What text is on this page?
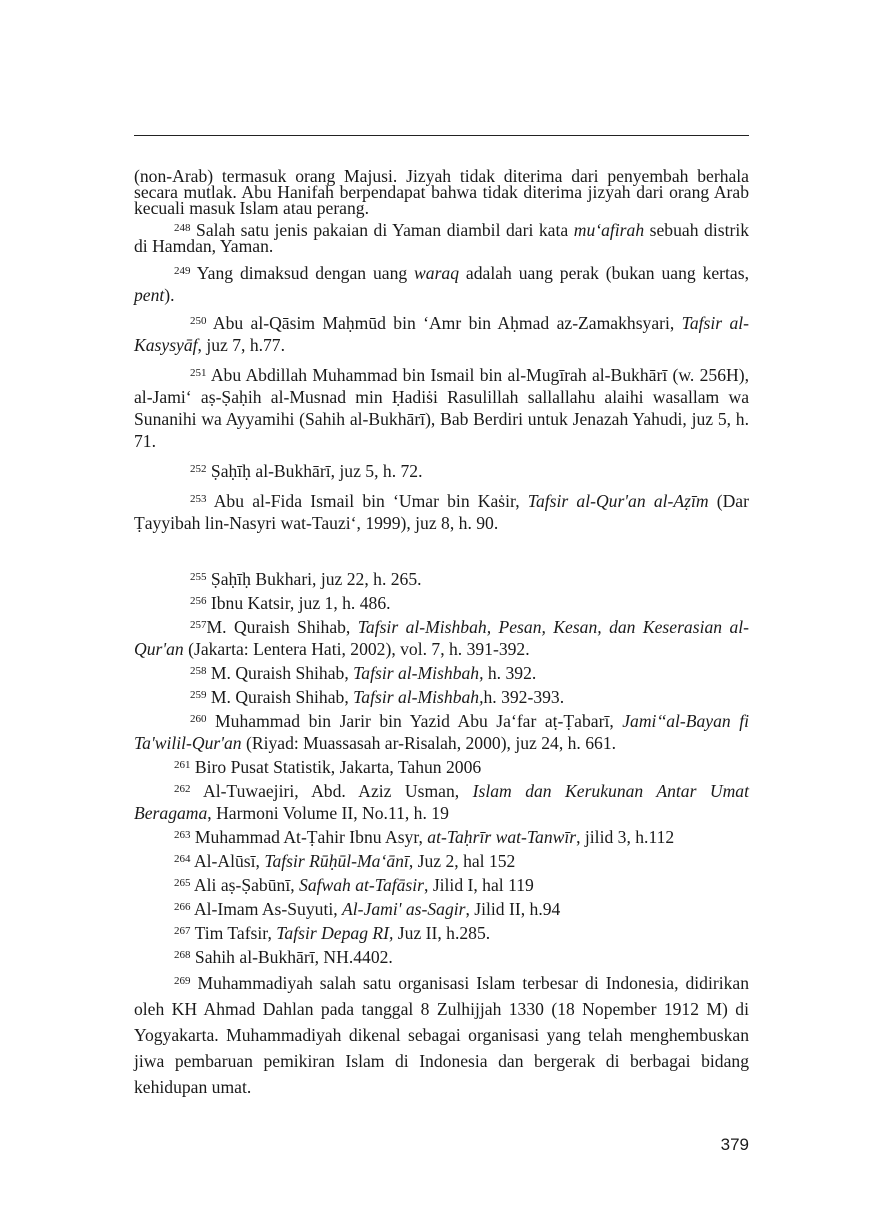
(non-Arab) termasuk orang Majusi. Jizyah tidak diterima dari penyembah berhala secara mutlak. Abu Hanifah berpendapat bahwa tidak diterima jizyah dari orang Arab kecuali masuk Islam atau perang.

$^{248}$ Salah satu jenis pakaian di Yaman diambil dari kata mu‘afirah sebuah distrik di Hamdan, Yaman.

$^{249}$ Yang dimaksud dengan uang waraq adalah uang perak (bukan uang kertas, pent).

$^{250}$ Abu al-Qāsim Maḥmūd bin ‘Amr bin Aḥmad az-Zamakhsyari, Tafsir al-Kasysyāf, juz 7, h.77.

$^{251}$ Abu Abdillah Muhammad bin Ismail bin al-Mugīrah al-Bukhārī (w. 256H), al-Jami‘ aṣ-Ṣaḥih al-Musnad min Ḥadiṡi Rasulillah sallallahu alaihi wasallam wa Sunanihi wa Ayyamihi (Sahih al-Bukhārī), Bab Berdiri untuk Jenazah Yahudi, juz 5, h. 71.

$^{252}$ Ṣaḥīḥ al-Bukhārī, juz 5, h. 72.

$^{253}$ Abu al-Fida Ismail bin ‘Umar bin Kaṡir, Tafsir al-Qur'an al-Aẓīm (Dar Ṭayyibah lin-Nasyri wat-Tauzi‘, 1999), juz 8, h. 90.

$^{255}$ Ṣaḥīḥ Bukhari, juz 22, h. 265.

$^{256}$ Ibnu Katsir, juz 1, h. 486.

$^{257}$M. Quraish Shihab, Tafsir al-Mishbah, Pesan, Kesan, dan Keserasian al-Qur'an (Jakarta: Lentera Hati, 2002), vol. 7, h. 391-392.

$^{258}$ M. Quraish Shihab, Tafsir al-Mishbah, h. 392.

$^{259}$ M. Quraish Shihab, Tafsir al-Mishbah,h. 392-393.

$^{260}$ Muhammad bin Jarir bin Yazid Abu Ja‘far aṭ-Ṭabarī, Jami‘‘al-Bayan fi Ta'wilil-Qur'an (Riyad: Muassasah ar-Risalah, 2000), juz 24, h. 661.

$^{261}$ Biro Pusat Statistik, Jakarta, Tahun 2006

$^{262}$ Al-Tuwaejiri, Abd. Aziz Usman, Islam dan Kerukunan Antar Umat Beragama, Harmoni Volume II, No.11, h. 19

$^{263}$ Muhammad At-Ṭahir Ibnu Asyr, at-Taḥrīr wat-Tanwīr, jilid 3, h.112

$^{264}$ Al-Alūsī, Tafsir Rūḥūl-Ma‘ānī, Juz 2, hal 152

$^{265}$ Ali aṣ-Ṣabūnī, Safwah at-Tafāsir, Jilid I, hal 119

$^{266}$ Al-Imam As-Suyuti, Al-Jami' as-Sagir, Jilid II, h.94

$^{267}$ Tim Tafsir, Tafsir Depag RI, Juz II, h.285.

$^{268}$ Sahih al-Bukhārī, NH.4402.

$^{269}$ Muhammadiyah salah satu organisasi Islam terbesar di Indonesia, didirikan oleh KH Ahmad Dahlan pada tanggal 8 Zulhijjah 1330 (18 Nopember 1912 M) di Yogyakarta. Muhammadiyah dikenal sebagai organisasi yang telah menghembuskan jiwa pembaruan pemikiran Islam di Indonesia dan bergerak di berbagai bidang kehidupan umat.

379
